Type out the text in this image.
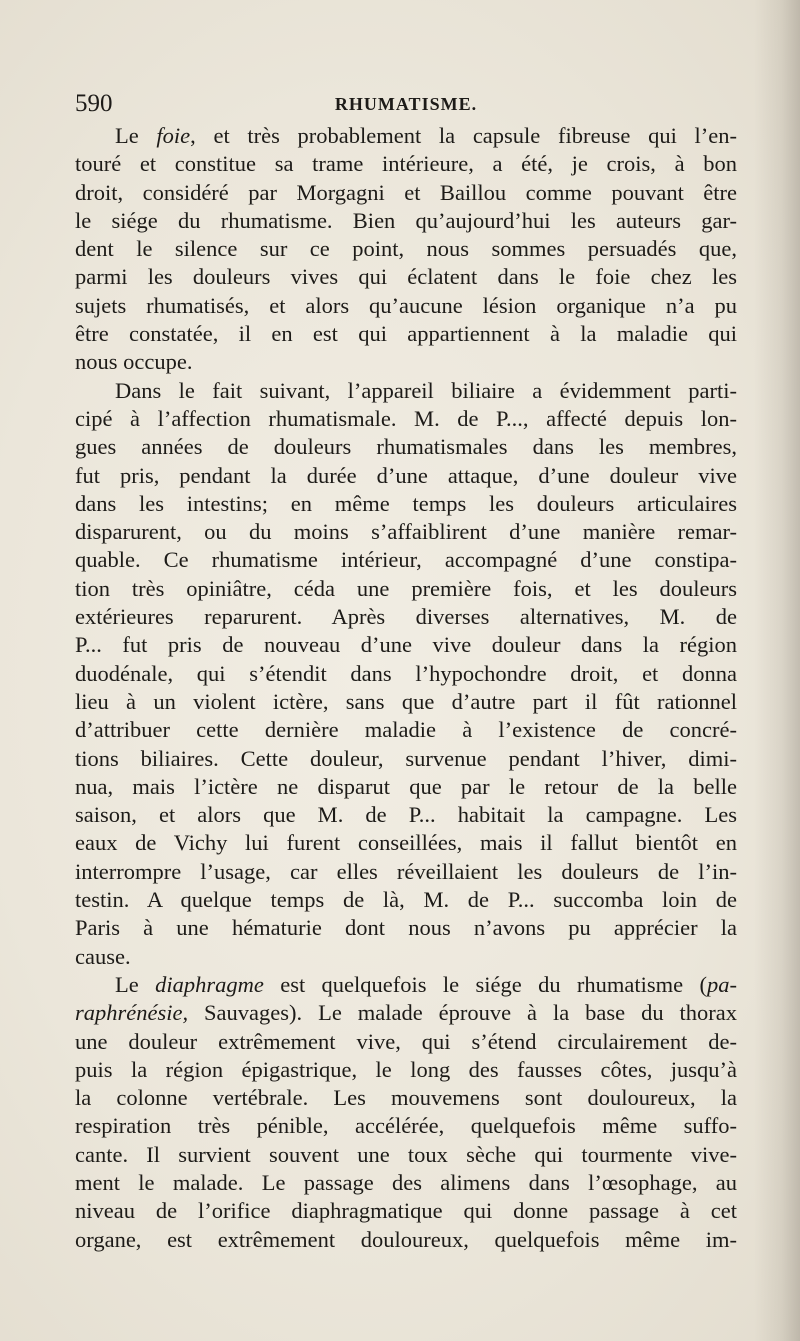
590	RHUMATISME.
Le foie, et très probablement la capsule fibreuse qui l’en-
touré et constitue sa trame intérieure, a été, je crois, à bon
droit, considéré par Morgagni et Baillou comme pouvant être
le siége du rhumatisme. Bien qu’aujourd’hui les auteurs gar-
dent le silence sur ce point, nous sommes persuadés que,
parmi les douleurs vives qui éclatent dans le foie chez les
sujets rhumatisés, et alors qu’aucune lésion organique n’a pu
être constatée, il en est qui appartiennent à la maladie qui
nous occupe.
Dans le fait suivant, l’appareil biliaire a évidemment parti-
cipé à l’affection rhumatismale. M. de P..., affecté depuis lon-
gues années de douleurs rhumatismales dans les membres,
fut pris, pendant la durée d’une attaque, d’une douleur vive
dans les intestins; en même temps les douleurs articulaires
disparurent, ou du moins s’affaiblirent d’une manière remar-
quable. Ce rhumatisme intérieur, accompagné d’une constipa-
tion très opiniâtre, céda une première fois, et les douleurs
extérieures reparurent. Après diverses alternatives, M. de
P... fut pris de nouveau d’une vive douleur dans la région
duodénale, qui s’étendit dans l’hypochondre droit, et donna
lieu à un violent ictère, sans que d’autre part il fût rationnel
d’attribuer cette dernière maladie à l’existence de concré-
tions biliaires. Cette douleur, survenue pendant l’hiver, dimi-
nua, mais l’ictère ne disparut que par le retour de la belle
saison, et alors que M. de P... habitait la campagne. Les
eaux de Vichy lui furent conseillées, mais il fallut bientôt en
interrompre l’usage, car elles réveillaient les douleurs de l’in-
testin. A quelque temps de là, M. de P... succomba loin de
Paris à une hématurie dont nous n’avons pu apprécier la
cause.
Le diaphragme est quelquefois le siége du rhumatisme (pa-
raphrénésie, Sauvages). Le malade éprouve à la base du thorax
une douleur extrêmement vive, qui s’étend circulairement de-
puis la région épigastrique, le long des fausses côtes, jusqu’à
la colonne vertébrale. Les mouvemens sont douloureux, la
respiration très pénible, accélérée, quelquefois même suffo-
cante. Il survient souvent une toux sèche qui tourmente vive-
ment le malade. Le passage des alimens dans l’œsophage, au
niveau de l’orifice diaphragmatique qui donne passage à cet
organe, est extrêmement douloureux, quelquefois même im-
